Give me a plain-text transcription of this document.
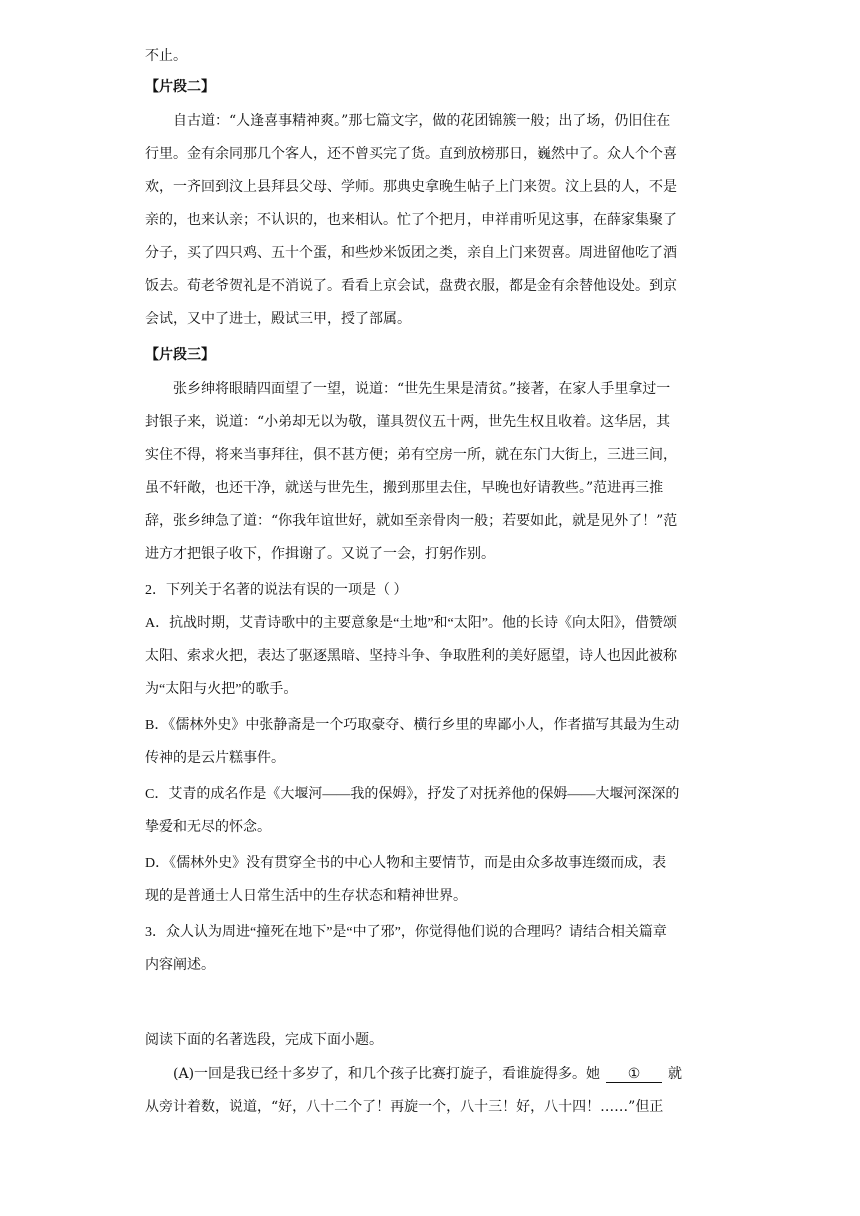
不止。
【片段二】
自古道：“人逢喜事精神爽。”那七篇文字，做的花团锦簇一般；出了场，仍旧住在
行里。金有余同那几个客人，还不曾买完了货。直到放榜那日，巍然中了。众人个个喜
欢，一齐回到汶上县拜县父母、学师。那典史拿晚生帖子上门来贺。汶上县的人，不是
亲的，也来认亲；不认识的，也来相认。忙了个把月，申祥甫听见这事，在薛家集聚了
分子，买了四只鸡、五十个蛋，和些炒米饭团之类，亲自上门来贺喜。周进留他吃了酒
饭去。荀老爷贺礼是不消说了。看看上京会试，盘费衣服，都是金有余替他设处。到京
会试，又中了进士，殿试三甲，授了部属。
【片段三】
张乡绅将眼睛四面望了一望，说道：“世先生果是清贫。”接著，在家人手里拿过一
封银子来，说道：“小弟却无以为敬，谨具贺仪五十两，世先生权且收着。这华居，其
实住不得，将来当事拜往，俱不甚方便；弟有空房一所，就在东门大街上，三进三间，
虽不轩敞，也还干净，就送与世先生，搬到那里去住，早晚也好请教些。”范进再三推
辞，张乡绅急了道：“你我年谊世好，就如至亲骨肉一般；若要如此，就是见外了！”范
进方才把银子收下，作揖谢了。又说了一会，打躬作别。
2．下列关于名著的说法有误的一项是（ ）
A．抗战时期，艾青诗歌中的主要意象是“土地”和“太阳”。他的长诗《向太阳》，借赞颂
太阳、索求火把，表达了驱逐黑暗、坚持斗争、争取胜利的美好愿望，诗人也因此被称
为“太阳与火把”的歌手。
B．《儒林外史》中张静斋是一个巧取豪夺、横行乡里的卑鄙小人，作者描写其最为生动
传神的是云片糕事件。
C．艾青的成名作是《大堰河——我的保姆》，抒发了对抚养他的保姆——大堰河深深的
挚爱和无尽的怀念。
D．《儒林外史》没有贯穿全书的中心人物和主要情节，而是由众多故事连缀而成，表
现的是普通士人日常生活中的生存状态和精神世界。
3．众人认为周进“撞死在地下”是“中了邪”，你觉得他们说的合理吗？请结合相关篇章
内容阐述。
阅读下面的名著选段，完成下面小题。
(A)一回是我已经十多岁了，和几个孩子比赛打旋子，看谁旋得多。她 ① 就
从旁计着数，说道，“好，八十二个了！再旋一个，八十三！好，八十四！……”但正
